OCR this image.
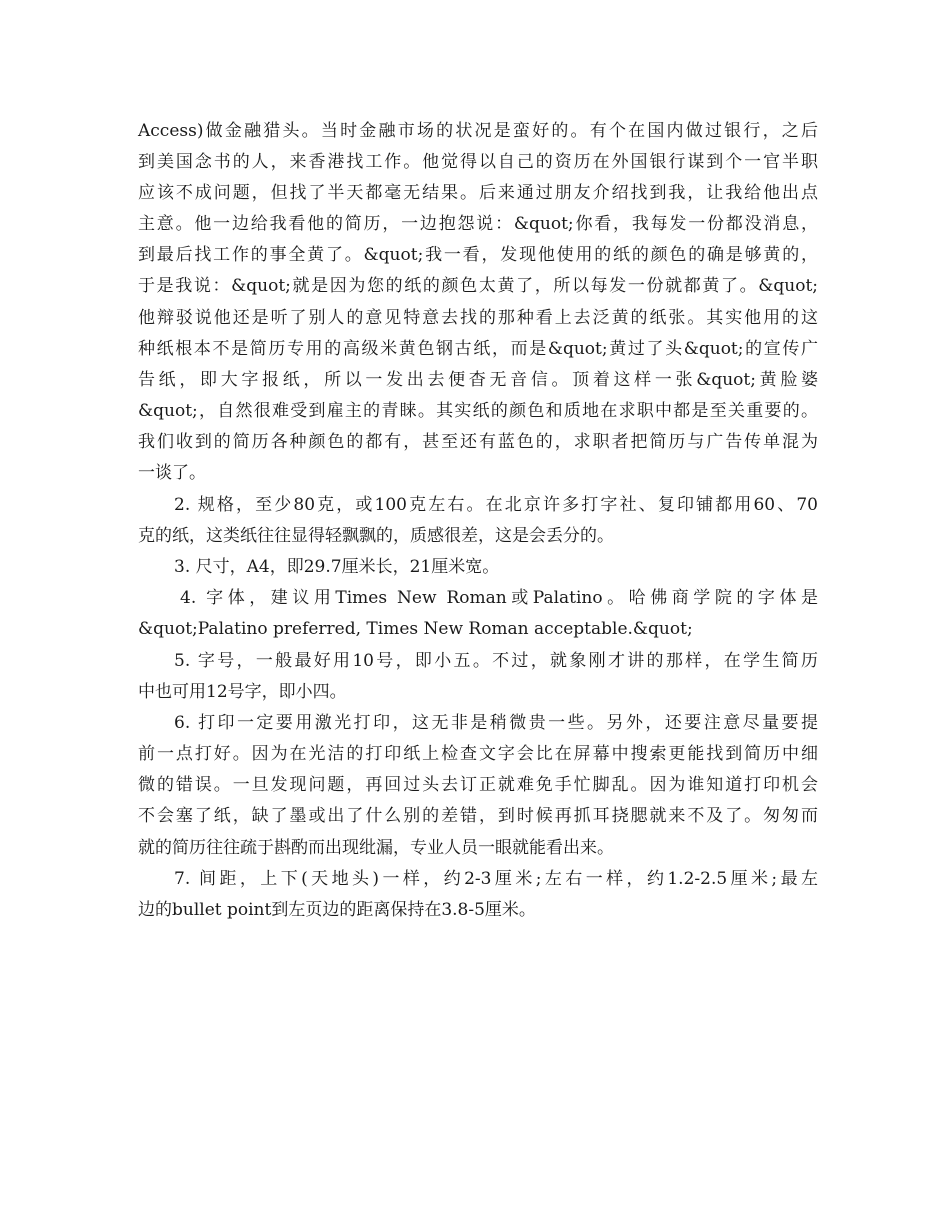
Access)做金融猎头。当时金融市场的状况是蛮好的。有个在国内做过银行，之后
到美国念书的人，来香港找工作。他觉得以自己的资历在外国银行谋到个一官半职
应该不成问题，但找了半天都毫无结果。后来通过朋友介绍找到我，让我给他出点
主意。他一边给我看他的简历，一边抱怨说：&quot;你看，我每发一份都没消息，
到最后找工作的事全黄了。&quot;我一看，发现他使用的纸的颜色的确是够黄的，
于是我说：&quot;就是因为您的纸的颜色太黄了，所以每发一份就都黄了。&quot;
他辩驳说他还是听了别人的意见特意去找的那种看上去泛黄的纸张。其实他用的这
种纸根本不是简历专用的高级米黄色钢古纸，而是&quot;黄过了头&quot;的宣传广
告纸，即大字报纸，所以一发出去便杳无音信。顶着这样一张&quot;黄脸婆
&quot;，自然很难受到雇主的青睐。其实纸的颜色和质地在求职中都是至关重要的。
我们收到的简历各种颜色的都有，甚至还有蓝色的，求职者把简历与广告传单混为
一谈了。
2. 规格，至少80克，或100克左右。在北京许多打字社、复印铺都用60、70
克的纸，这类纸往往显得轻飘飘的，质感很差，这是会丢分的。
3. 尺寸，A4，即29.7厘米长，21厘米宽。
4. 字体，建议用Times New Roman或Palatino。哈佛商学院的字体是
&quot;Palatino preferred, Times New Roman acceptable.&quot;
5. 字号，一般最好用10号，即小五。不过，就象刚才讲的那样，在学生简历
中也可用12号字，即小四。
6. 打印一定要用激光打印，这无非是稍微贵一些。另外，还要注意尽量要提
前一点打好。因为在光洁的打印纸上检查文字会比在屏幕中搜索更能找到简历中细
微的错误。一旦发现问题，再回过头去订正就难免手忙脚乱。因为谁知道打印机会
不会塞了纸，缺了墨或出了什么别的差错，到时候再抓耳挠腮就来不及了。匆匆而
就的简历往往疏于斟酌而出现纰漏，专业人员一眼就能看出来。
7. 间距，上下(天地头)一样，约2-3厘米;左右一样，约1.2-2.5厘米;最左
边的bullet point到左页边的距离保持在3.8-5厘米。
